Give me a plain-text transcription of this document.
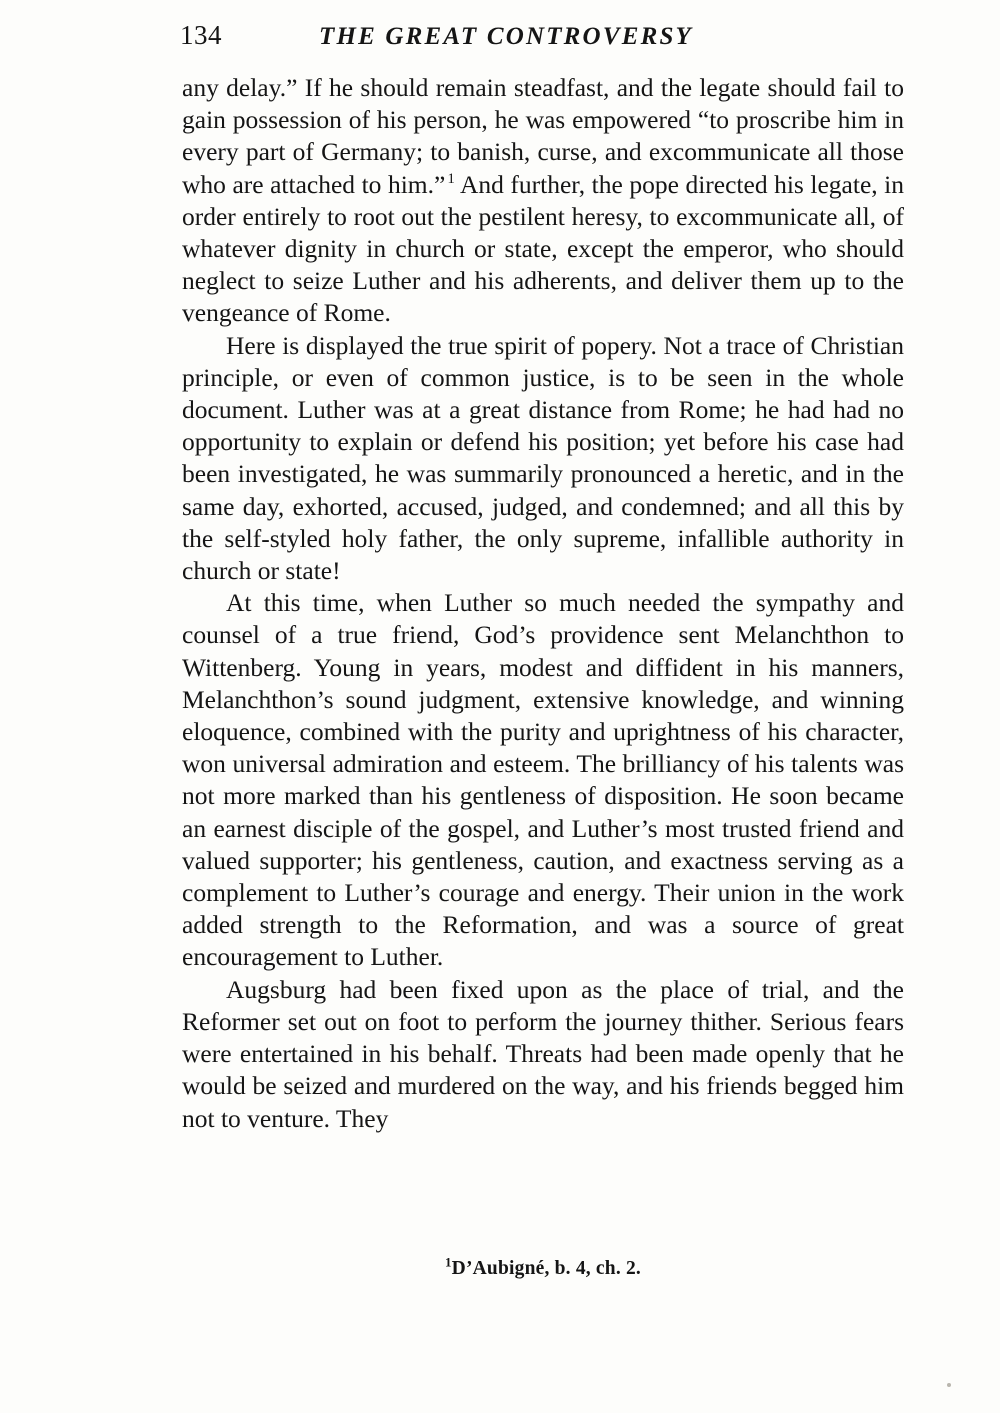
134	THE GREAT CONTROVERSY

any delay.” If he should remain steadfast, and the legate should fail to gain possession of his person, he was empowered “to proscribe him in every part of Germany; to banish, curse, and excommunicate all those who are attached to him.” $^1$ And further, the pope directed his legate, in order entirely to root out the pestilent heresy, to excommunicate all, of whatever dignity in church or state, except the emperor, who should neglect to seize Luther and his adherents, and deliver them up to the vengeance of Rome.

Here is displayed the true spirit of popery. Not a trace of Christian principle, or even of common justice, is to be seen in the whole document. Luther was at a great distance from Rome; he had had no opportunity to explain or defend his position; yet before his case had been investigated, he was summarily pronounced a heretic, and in the same day, exhorted, accused, judged, and condemned; and all this by the self-styled holy father, the only supreme, infallible authority in church or state!

At this time, when Luther so much needed the sympathy and counsel of a true friend, God’s providence sent Melanchthon to Wittenberg. Young in years, modest and diffident in his manners, Melanchthon’s sound judgment, extensive knowledge, and winning eloquence, combined with the purity and uprightness of his character, won universal admiration and esteem. The brilliancy of his talents was not more marked than his gentleness of disposition. He soon became an earnest disciple of the gospel, and Luther’s most trusted friend and valued supporter; his gentleness, caution, and exactness serving as a complement to Luther’s courage and energy. Their union in the work added strength to the Reformation, and was a source of great encouragement to Luther.

Augsburg had been fixed upon as the place of trial, and the Reformer set out on foot to perform the journey thither. Serious fears were entertained in his behalf. Threats had been made openly that he would be seized and murdered on the way, and his friends begged him not to venture. They

$^1$D’Aubigné, b. 4, ch. 2.
